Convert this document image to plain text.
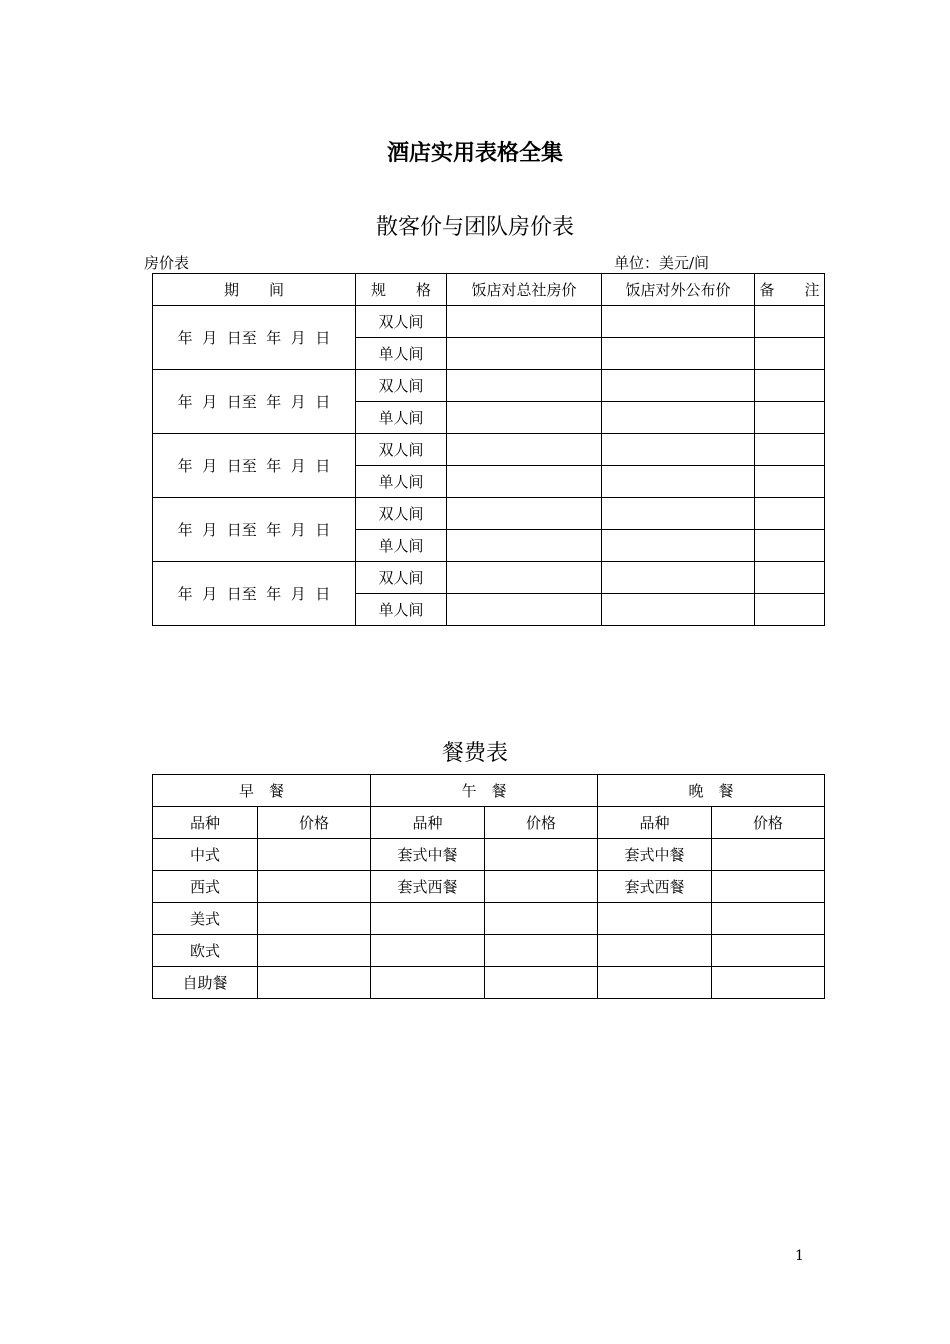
酒店实用表格全集
散客价与团队房价表
房价表	单位：美元/间
期　　间	规　　格	饭店对总社房价	饭店对外公布价	备　　注
年  月  日至  年  月  日	双人间			
	单人间			
年  月  日至  年  月  日	双人间			
	单人间			
年  月  日至  年  月  日	双人间			
	单人间			
年  月  日至  年  月  日	双人间			
	单人间			
年  月  日至  年  月  日	双人间			
	单人间			
餐费表
早　餐		午　餐		晚　餐	
品种	价格	品种	价格	品种	价格
中式		套式中餐		套式中餐	
西式		套式西餐		套式西餐	
美式					
欧式					
自助餐					
1
